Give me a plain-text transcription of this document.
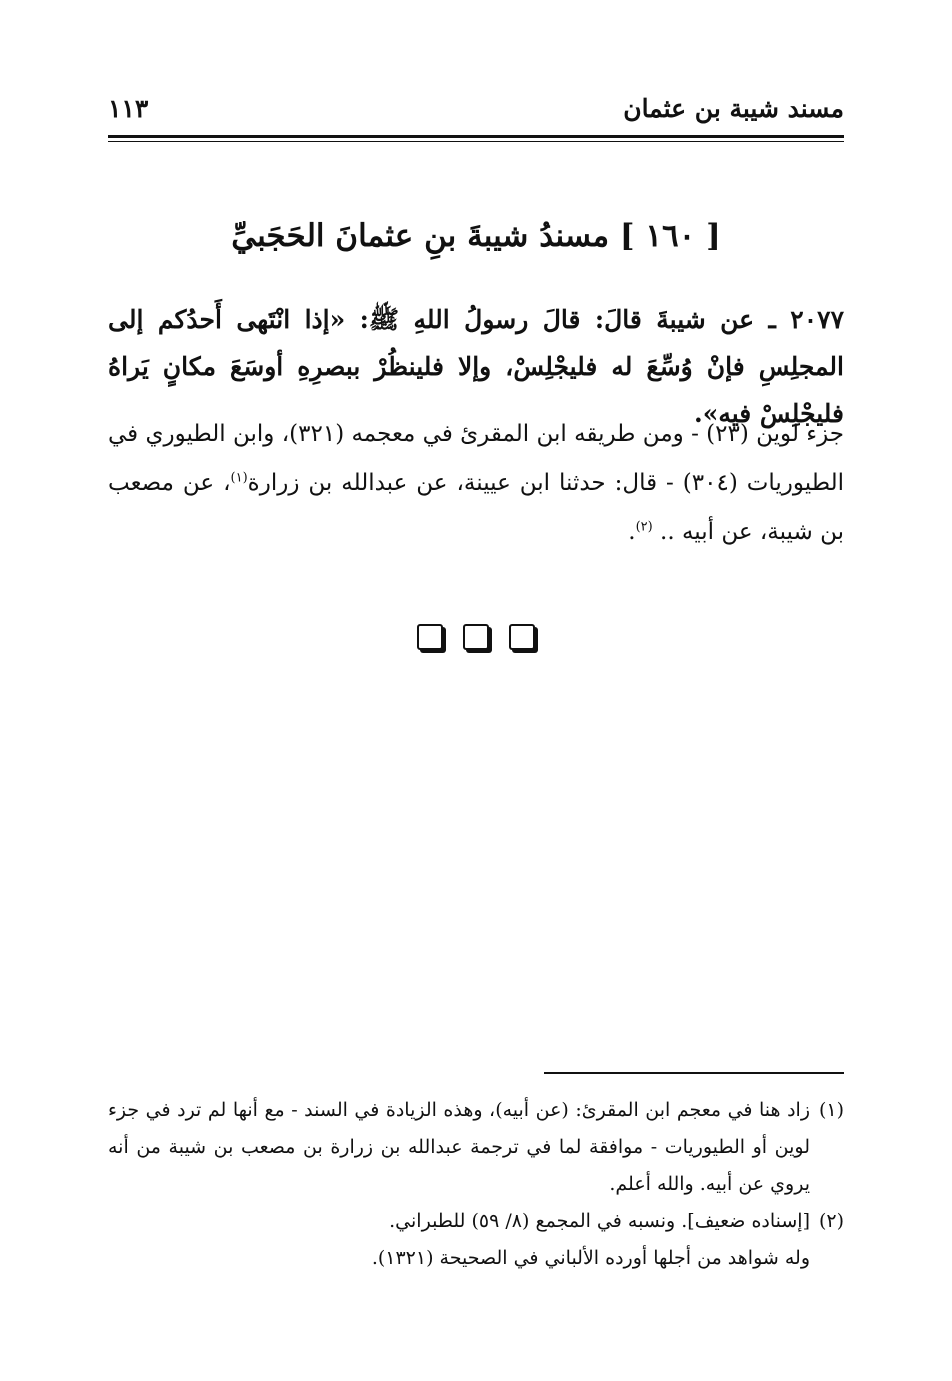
مسند شيبة بن عثمان
١١٣
[ ١٦٠ ] مسندُ شيبةَ بنِ عثمانَ الحَجَبيِّ
٢٠٧٧ ـ عن شيبةَ قالَ: قالَ رسولُ اللهِ ﷺ: «إذا انْتَهى أَحدُكم إلى المجلِسِ فإنْ وُسِّعَ له فليجْلِسْ، وإلا فلينظُرْ ببصرِهِ أوسَعَ مكانٍ يَراهُ فليجْلِسْ فيه».
جزء لوين (٢٣) - ومن طريقه ابن المقرئ في معجمه (٣٢١)، وابن الطيوري في الطيوريات (٣٠٤) - قال: حدثنا ابن عيينة، عن عبدالله بن زرارة$^{(١)}$، عن مصعب بن شيبة، عن أبيه .. $^{(٢)}$.
(١)زاد هنا في معجم ابن المقرئ: (عن أبيه)، وهذه الزيادة في السند - مع أنها لم ترد في جزء لوين أو الطيوريات - موافقة لما في ترجمة عبدالله بن زرارة بن مصعب بن شيبة من أنه يروي عن أبيه. والله أعلم.
(٢)[إسناده ضعيف]. ونسبه في المجمع (٨/ ٥٩) للطبراني.
وله شواهد من أجلها أورده الألباني في الصحيحة (١٣٢١).
